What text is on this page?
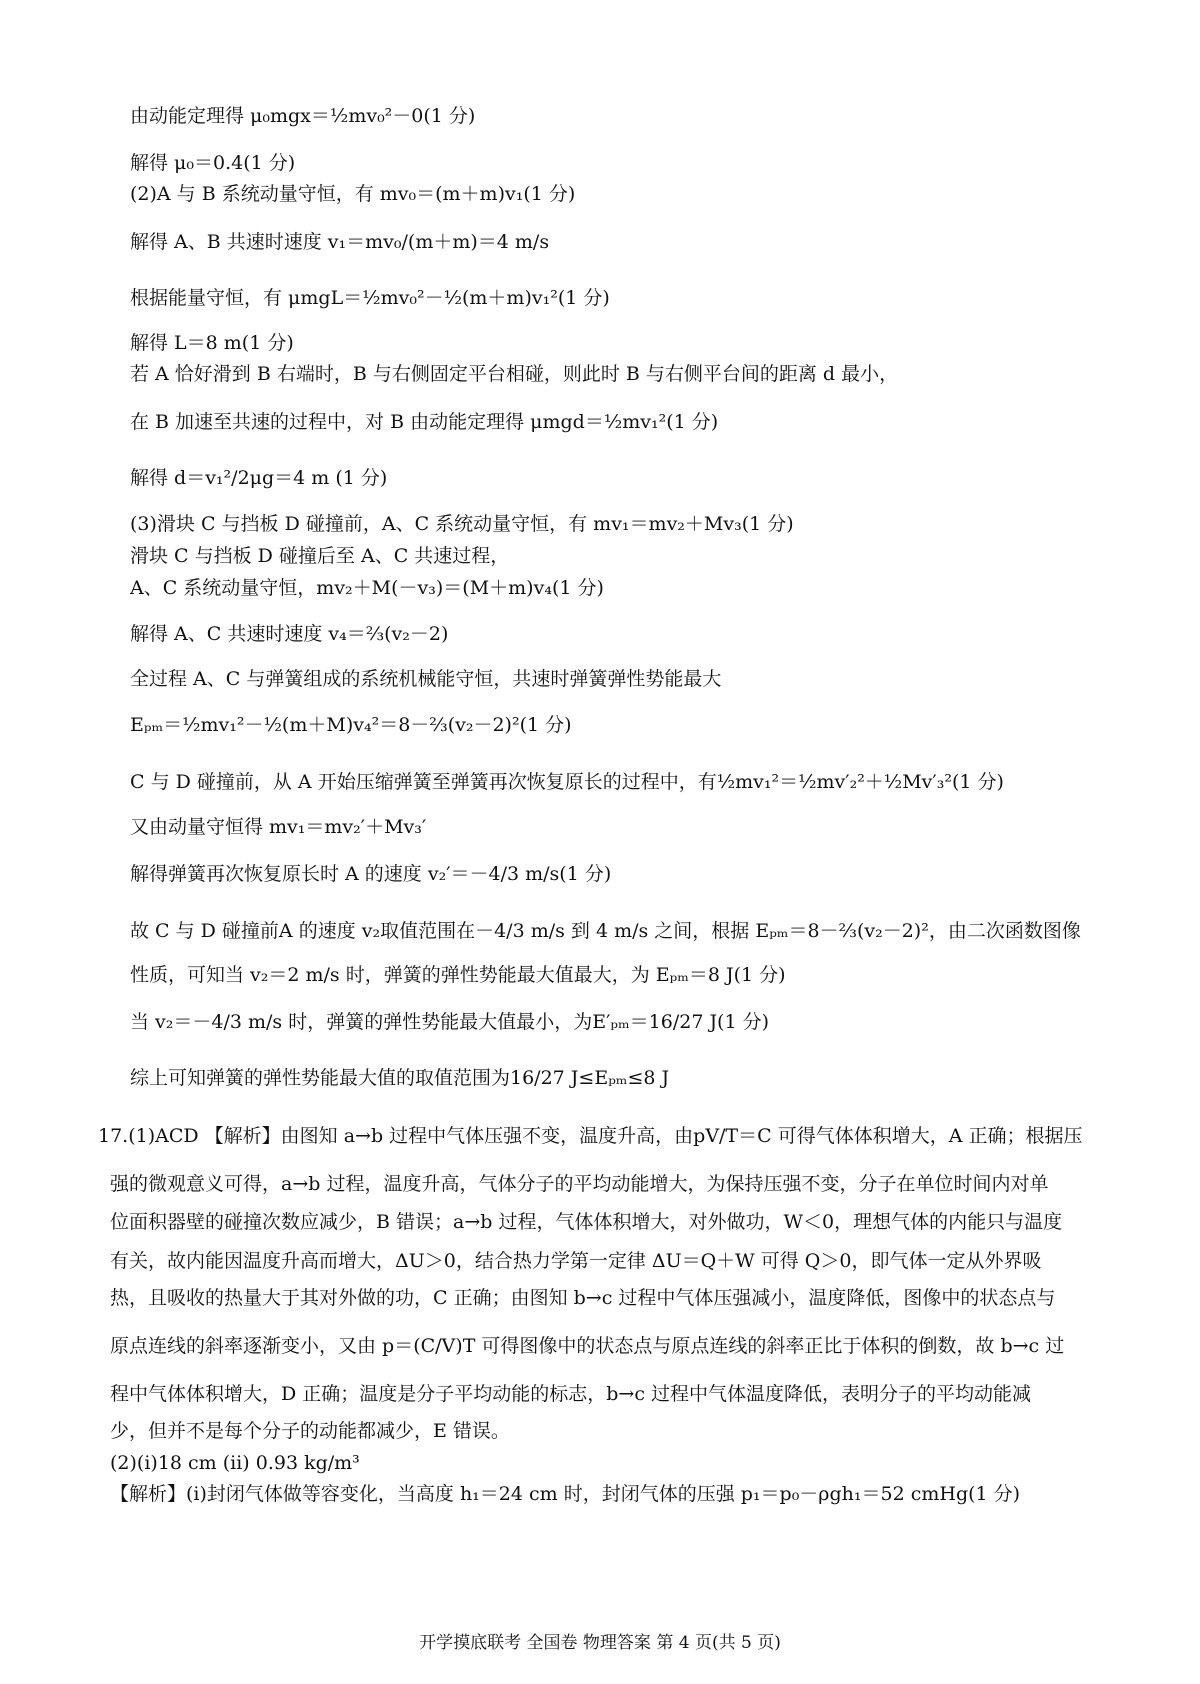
由动能定理得 μ₀mgx＝½mv₀²－0(1 分)
解得 μ₀＝0.4(1 分)
(2)A 与 B 系统动量守恒，有 mv₀＝(m＋m)v₁(1 分)
解得 A、B 共速时速度 v₁＝mv₀/(m＋m)＝4 m/s
根据能量守恒，有 μmgL＝½mv₀²－½(m＋m)v₁²(1 分)
解得 L＝8 m(1 分)
若 A 恰好滑到 B 右端时，B 与右侧固定平台相碰，则此时 B 与右侧平台间的距离 d 最小，
在 B 加速至共速的过程中，对 B 由动能定理得 μmgd＝½mv₁²(1 分)
解得 d＝v₁²/2μg＝4 m (1 分)
(3)滑块 C 与挡板 D 碰撞前，A、C 系统动量守恒，有 mv₁＝mv₂＋Mv₃(1 分)
滑块 C 与挡板 D 碰撞后至 A、C 共速过程，
A、C 系统动量守恒，mv₂＋M(－v₃)＝(M＋m)v₄(1 分)
解得 A、C 共速时速度 v₄＝⅔(v₂－2)
全过程 A、C 与弹簧组成的系统机械能守恒，共速时弹簧弹性势能最大
Eₚₘ＝½mv₁²－½(m＋M)v₄²＝8－⅔(v₂－2)²(1 分)
C 与 D 碰撞前，从 A 开始压缩弹簧至弹簧再次恢复原长的过程中，有½mv₁²＝½mv′₂²＋½Mv′₃²(1 分)
又由动量守恒得 mv₁＝mv₂′＋Mv₃′
解得弹簧再次恢复原长时 A 的速度 v₂′＝－4/3 m/s(1 分)
故 C 与 D 碰撞前A 的速度 v₂取值范围在－4/3 m/s 到 4 m/s 之间，根据 Eₚₘ＝8－⅔(v₂－2)²，由二次函数图像
性质，可知当 v₂＝2 m/s 时，弹簧的弹性势能最大值最大，为 Eₚₘ＝8 J(1 分)
当 v₂＝－4/3 m/s 时，弹簧的弹性势能最大值最小，为E′ₚₘ＝16/27 J(1 分)
综上可知弹簧的弹性势能最大值的取值范围为16/27 J≤Eₚₘ≤8 J
17.(1)ACD 【解析】由图知 a→b 过程中气体压强不变，温度升高，由pV/T＝C 可得气体体积增大，A 正确；根据压
强的微观意义可得，a→b 过程，温度升高，气体分子的平均动能增大，为保持压强不变，分子在单位时间内对单
位面积器壁的碰撞次数应减少，B 错误；a→b 过程，气体体积增大，对外做功，W＜0，理想气体的内能只与温度
有关，故内能因温度升高而增大，ΔU＞0，结合热力学第一定律 ΔU＝Q＋W 可得 Q＞0，即气体一定从外界吸
热，且吸收的热量大于其对外做的功，C 正确；由图知 b→c 过程中气体压强减小，温度降低，图像中的状态点与
原点连线的斜率逐渐变小，又由 p＝(C/V)T 可得图像中的状态点与原点连线的斜率正比于体积的倒数，故 b→c 过
程中气体体积增大，D 正确；温度是分子平均动能的标志，b→c 过程中气体温度降低，表明分子的平均动能减
少，但并不是每个分子的动能都减少，E 错误。
(2)(ⅰ)18 cm (ⅱ) 0.93 kg/m³
【解析】(ⅰ)封闭气体做等容变化，当高度 h₁＝24 cm 时，封闭气体的压强 p₁＝p₀－ρgh₁＝52 cmHg(1 分)
开学摸底联考 全国卷 物理答案 第 4 页(共 5 页)
